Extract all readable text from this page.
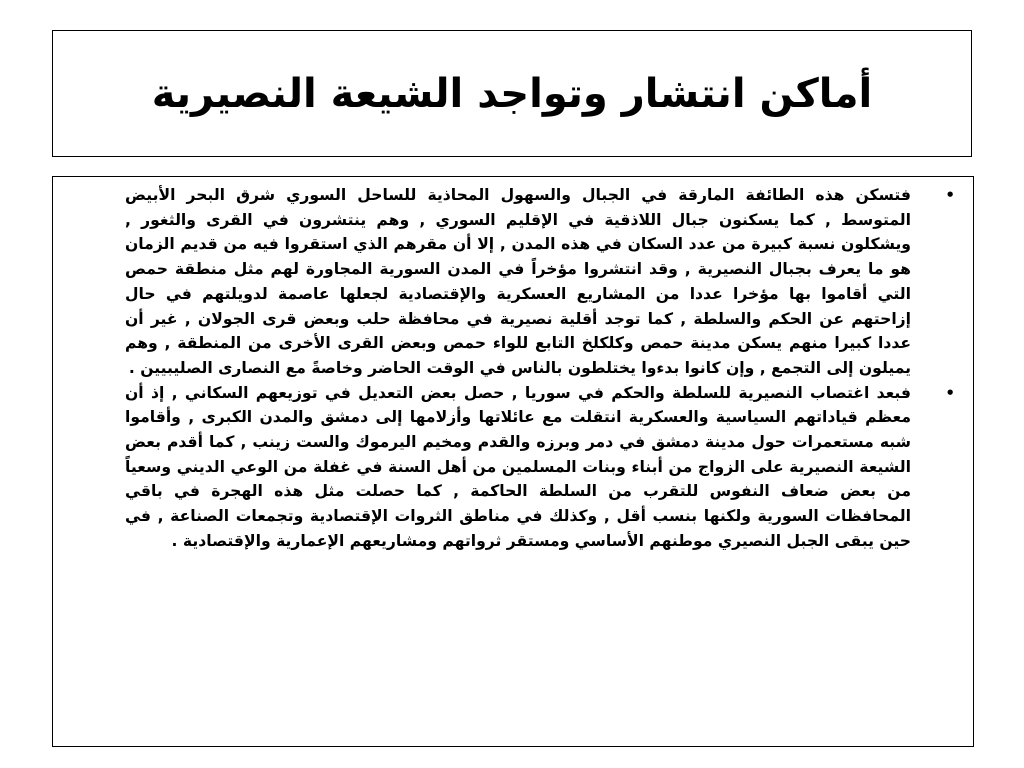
أماكن انتشار وتواجد الشيعة النصيرية
•
فتسكن هذه الطائفة المارقة في الجبال والسهول المحاذية للساحل السوري شرق البحر الأبيض المتوسط , كما يسكنون جبال اللاذقية في الإقليم السوري , وهم ينتشرون في القرى والثغور , ويشكلون نسبة كبيرة من عدد السكان في هذه المدن , إلا أن مقرهم الذي استقروا فيه من قديم الزمان هو ما يعرف بجبال النصيرية , وقد انتشروا مؤخراً في المدن السورية المجاورة لهم مثل منطقة حمص التي أقاموا بها مؤخرا عددا من المشاريع العسكرية والإقتصادية لجعلها عاصمة لدويلتهم في حال إزاحتهم عن الحكم والسلطة , كما توجد أقلية نصيرية في محافظة حلب وبعض قرى الجولان , غير أن عددا كبيرا منهم يسكن مدينة حمص وكلكلخ التابع للواء حمص وبعض القرى الأخرى من المنطقة , وهم يميلون إلى التجمع , وإن كانوا بدءوا يختلطون بالناس في الوقت الحاضر وخاصةً مع النصارى الصليبيين .
•
فبعد اغتصاب النصيرية للسلطة والحكم في سوريا , حصل بعض التعديل في توزيعهم السكاني , إذ أن معظم قياداتهم السياسية والعسكرية انتقلت مع عائلاتها وأزلامها إلى دمشق والمدن الكبرى , وأقاموا شبه مستعمرات حول مدينة دمشق في دمر وبرزه والقدم ومخيم اليرموك والست زينب , كما أقدم بعض الشيعة النصيرية على الزواج من أبناء وبنات المسلمين من أهل السنة في غفلة من الوعي الديني وسعياً من بعض ضعاف النفوس للتقرب من السلطة الحاكمة , كما حصلت مثل هذه الهجرة في باقي المحافظات السورية ولكنها بنسب أقل , وكذلك في مناطق الثروات الإقتصادية وتجمعات الصناعة , في حين يبقى الجبل النصيري موطنهم الأساسي ومستقر ثرواتهم ومشاريعهم الإعمارية والإقتصادية .
